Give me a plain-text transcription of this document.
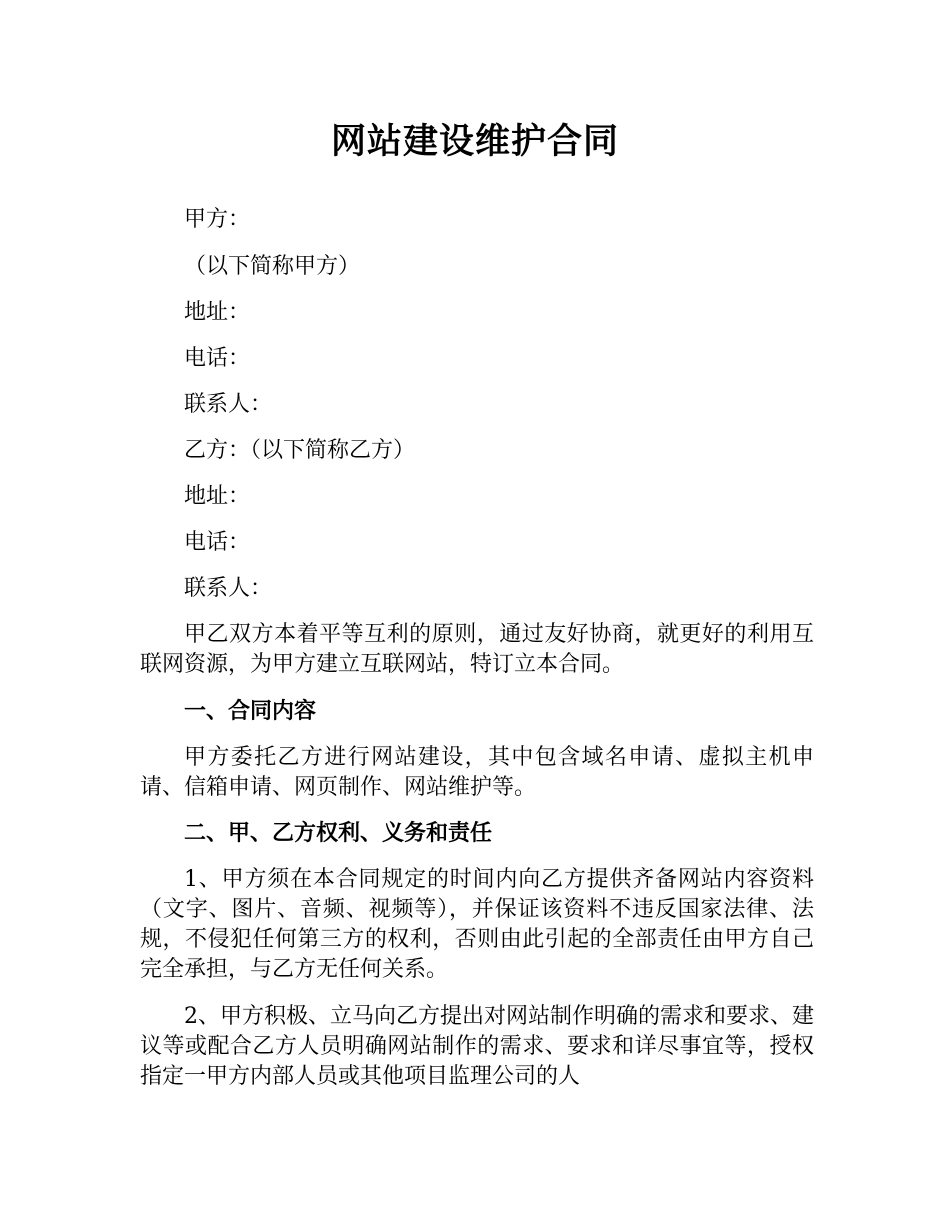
网站建设维护合同
甲方：
（以下简称甲方）
地址：
电话：
联系人：
乙方：（以下简称乙方）
地址：
电话：
联系人：
甲乙双方本着平等互利的原则，通过友好协商，就更好的利用互联网资源，为甲方建立互联网站，特订立本合同。
一、合同内容
甲方委托乙方进行网站建设，其中包含域名申请、虚拟主机申请、信箱申请、网页制作、网站维护等。
二、甲、乙方权利、义务和责任
1、甲方须在本合同规定的时间内向乙方提供齐备网站内容资料（文字、图片、音频、视频等），并保证该资料不违反国家法律、法规，不侵犯任何第三方的权利，否则由此引起的全部责任由甲方自己完全承担，与乙方无任何关系。
2、甲方积极、立马向乙方提出对网站制作明确的需求和要求、建议等或配合乙方人员明确网站制作的需求、要求和详尽事宜等，授权指定一甲方内部人员或其他项目监理公司的人
